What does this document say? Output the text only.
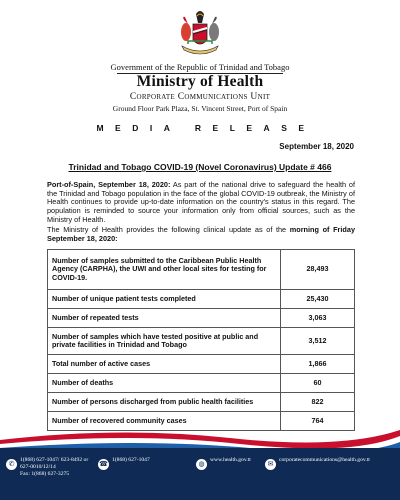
Government of the Republic of Trinidad and Tobago
Ministry of Health
Corporate Communications Unit
Ground Floor Park Plaza, St. Vincent Street, Port of Spain
MEDIA RELEASE
September 18, 2020
Trinidad and Tobago COVID-19 (Novel Coronavirus) Update # 466
Port-of-Spain, September 18, 2020: As part of the national drive to safeguard the health of the Trinidad and Tobago population in the face of the global COVID-19 outbreak, the Ministry of Health continues to provide up-to-date information on the country's status in this regard. The population is reminded to source your information only from official sources, such as the Ministry of Health.
The Ministry of Health provides the following clinical update as of the morning of Friday September 18, 2020:
Number of samples submitted to the Caribbean Public Health Agency (CARPHA), the UWI and other local sites for testing for COVID-19.	28,493
Number of unique patient tests completed	25,430
Number of repeated tests	3,063
Number of samples which have tested positive at public and private facilities in Trinidad and Tobago	3,512
Total number of active cases	1,866
Number of deaths	60
Number of persons discharged from public health facilities	822
Number of recovered community cases	764
✆ 1(868) 627-1047/ 623-8492 or
627-0010/12/14
Fax: 1(868) 627-3275
☎ 1(868) 627-1047	◍ www.health.gov.tt	✉ corporatecommunications@health.gov.tt
